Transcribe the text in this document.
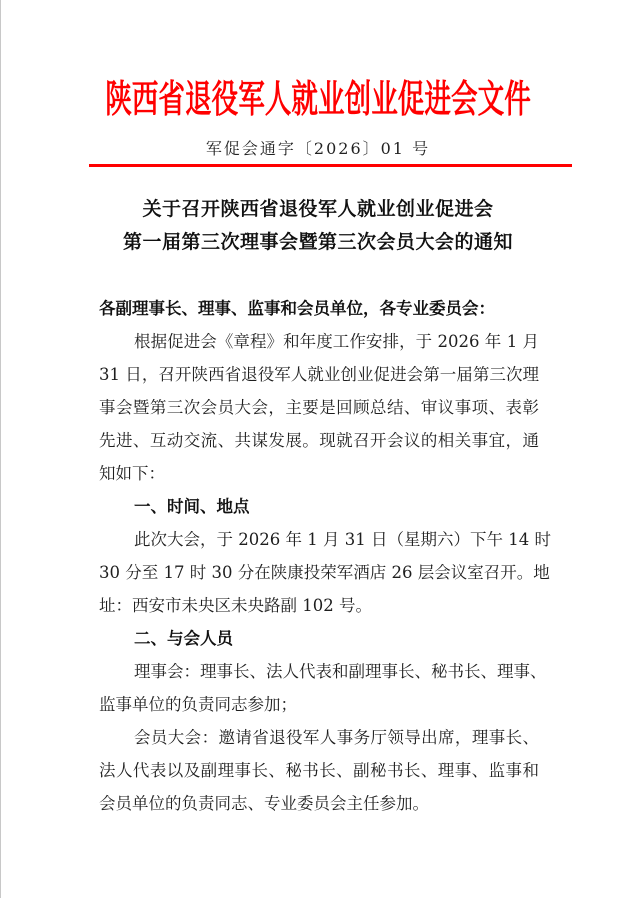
陕西省退役军人就业创业促进会文件
军促会通字〔2026〕01 号
关于召开陕西省退役军人就业创业促进会
第一届第三次理事会暨第三次会员大会的通知
各副理事长、理事、监事和会员单位，各专业委员会：
根据促进会《章程》和年度工作安排，于 2026 年 1 月
31 日，召开陕西省退役军人就业创业促进会第一届第三次理
事会暨第三次会员大会，主要是回顾总结、审议事项、表彰
先进、互动交流、共谋发展。现就召开会议的相关事宜，通
知如下：
一、时间、地点
此次大会，于 2026 年 1 月 31 日（星期六）下午 14 时
30 分至 17 时 30 分在陕康投荣军酒店 26 层会议室召开。地
址：西安市未央区未央路副 102 号。
二、与会人员
理事会：理事长、法人代表和副理事长、秘书长、理事、
监事单位的负责同志参加；
会员大会：邀请省退役军人事务厅领导出席，理事长、
法人代表以及副理事长、秘书长、副秘书长、理事、监事和
会员单位的负责同志、专业委员会主任参加。
